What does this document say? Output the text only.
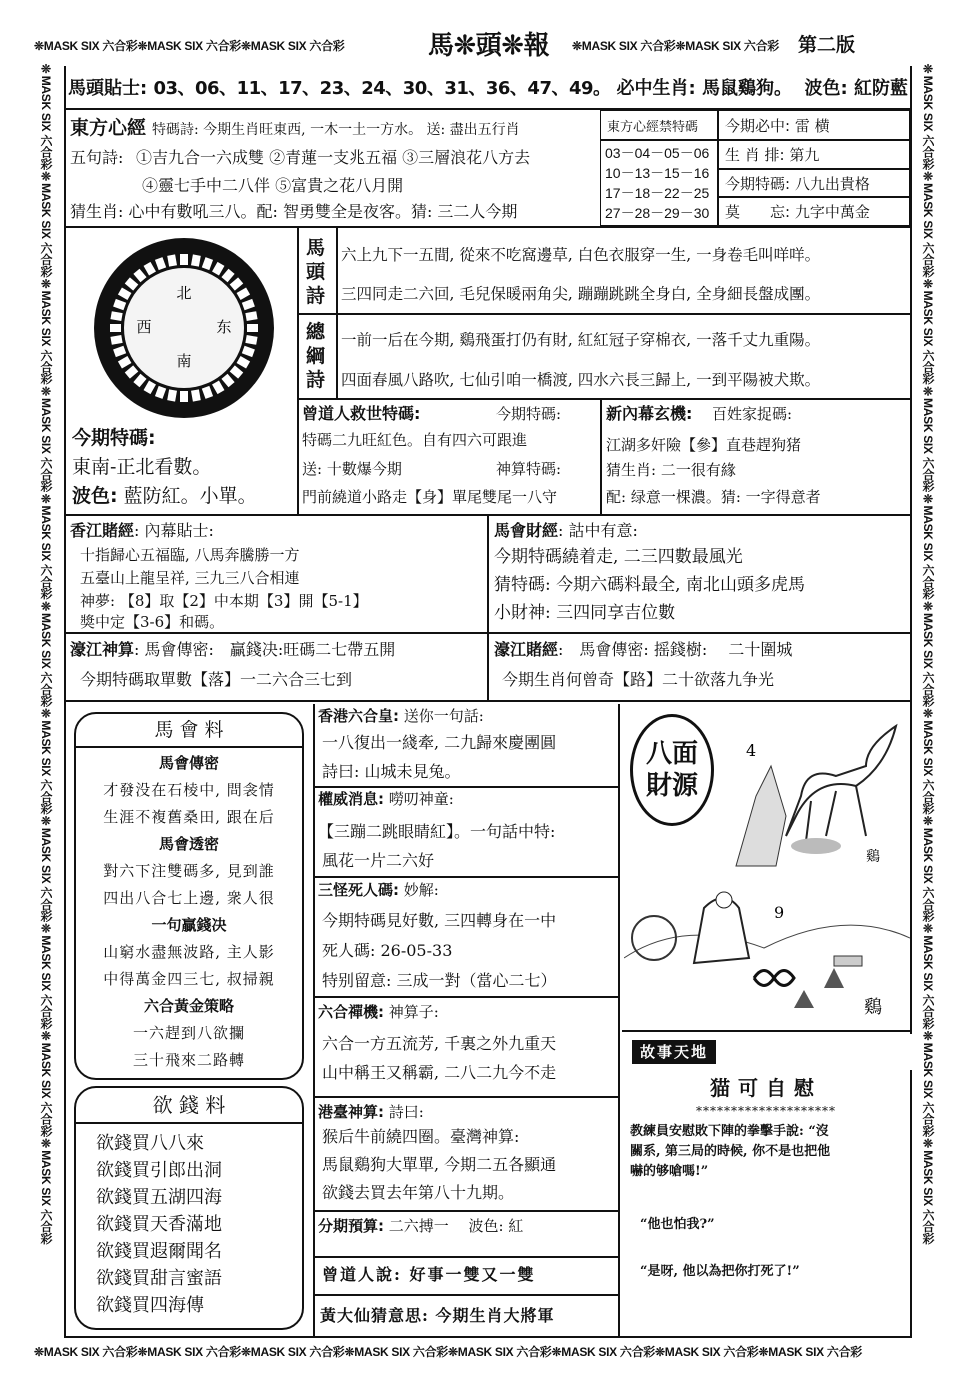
❊MASK SIX 六合彩❊MASK SIX 六合彩❊MASK SIX 六合彩	馬❊頭❊報	❊MASK SIX 六合彩❊MASK SIX 六合彩	第二版
❊MASK SIX 六合彩❊MASK SIX 六合彩❊MASK SIX 六合彩❊MASK SIX 六合彩❊MASK SIX 六合彩❊MASK SIX 六合彩❊MASK SIX 六合彩❊MASK SIX 六合彩❊MASK SIX 六合彩❊MASK SIX 六合彩❊MASK SIX 六合彩
❊MASK SIX 六合彩❊MASK SIX 六合彩❊MASK SIX 六合彩❊MASK SIX 六合彩❊MASK SIX 六合彩❊MASK SIX 六合彩❊MASK SIX 六合彩❊MASK SIX 六合彩❊MASK SIX 六合彩❊MASK SIX 六合彩❊MASK SIX 六合彩
❊MASK SIX 六合彩❊MASK SIX 六合彩❊MASK SIX 六合彩❊MASK SIX 六合彩❊MASK SIX 六合彩❊MASK SIX 六合彩❊MASK SIX 六合彩❊MASK SIX 六合彩
馬頭貼士: 03、06、11、17、23、24、30、31、36、47、49。 必中生肖: 馬鼠鷄狗。 波色: 紅防藍
東方心經 特碼詩: 今期生肖旺東西, 一木一土一方水。 送: 盡出五行肖
五句詩: ①吉九合一六成雙 ②青蓮一支兆五福 ③三層浪花八方去
④靈七手中二八伴 ⑤富貴之花八月開
猜生肖: 心中有數吼三八。配: 智勇雙全是夜客。猜: 三二人今期
東方心經禁特碼
03－04－05－06
10－13－15－16
17－18－22－25
27－28－29－30
今期必中:
雷 横
生 肖 排:
第九
今期特碼:
八九出貴格
莫　　忘:
九字中萬金
北
西	东
南
馬頭詩
六上九下一五間, 從來不吃窩邊草, 白色衣服穿一生, 一身卷毛叫咩咩。
三四同走二六回, 毛兒保暖兩角尖, 蹦蹦跳跳全身白, 全身細長盤成團。
總綱詩
一前一后在今期, 鷄飛蛋打仍有財, 紅紅冠子穿棉衣, 一落千丈九重陽。
四面春風八路吹, 七仙引咱一橋渡, 四水六長三歸上, 一到平陽被犬欺。
今期特碼:
東南-正北看數。
波色: 藍防紅。小單。
曾道人救世特碼:	今期特碼:
特碼二九旺紅色。自有四六可跟進
送: 十數爆今期	神算特碼:
門前繞道小路走【身】單尾雙尾一八守
新內幕玄機: 百姓家捉碼:
江湖多奸險【參】直巷趕狗猪
猜生肖: 二一很有緣
配: 绿意一棵濃。猜: 一字得意者
香江賭經: 內幕貼士:
十指歸心五福臨, 八馬奔騰勝一方
五臺山上龍呈祥, 三九三八合相連
神夢: 【8】取【2】中本期【3】開【5-1】
獎中定【3-6】和碼。
馬會財經: 詁中有意:
今期特碼繞着走, 二三四數最風光
猜特碼: 今期六碼料最全, 南北山頭多虎馬
小財神: 三四同享吉位數
濠江神算: 馬會傳密:　贏錢决:旺碼二七帶五開
今期特碼取單數【落】一二六合三七到
濠江賭經:　馬會傳密: 摇錢樹:　 二十圍城
今期生肖何曾奇【路】二十欲落九争光
馬 會 料
馬會傳密
才發没在石棱中, 問衾情
生涯不複舊桑田, 跟在后
馬會透密
對六下注雙碼多, 見到誰
四出八合七上邊, 衆人很
一句贏錢决
山窮水盡無波路, 主人影
中得萬金四三七, 叔掃親
六合黃金策略
一六趕到八欲攔
三十飛來二路轉
欲 錢 料
欲錢買八八來
欲錢買引郎出洞
欲錢買五湖四海
欲錢買天香滿地
欲錢買遐爾聞名
欲錢買甜言蜜語
欲錢買四海傳
香港六合皇: 送你一句話:
一八復出一綫牽, 二九歸來慶團圓
詩曰: 山城未見兔。
權威消息: 嘮叨神童:
【三蹦二跳眼睛紅】。一句話中特:
風花一片二六好
三怪死人碼: 妙解:
今期特碼見好數, 三四轉身在一中
死人碼: 26-05-33
特别留意: 三成一對（當心二七）
六合禪機: 神算子:
六合一方五流芳, 千裏之外九重天
山中稱王又稱霸, 二八二九今不走
港臺神算: 詩曰:
猴后牛前繞四圈。臺灣神算:
馬鼠鷄狗大單單, 今期二五各顯通
欲錢去買去年第八十九期。
分期預算: 二六搏一　 波色: 紅
曾道人說: 好事一雙又一雙
黃大仙猜意思: 今期生肖大將軍
八面財源
4
鷄
9
鷄
故事天地
猫可自慰
********************
教練員安慰敗下陣的拳擊手說: “沒
關系, 第三局的時候, 你不是也把他
嚇的够嗆嗎!”
“他也怕我?”
“是呀, 他以為把你打死了!”
